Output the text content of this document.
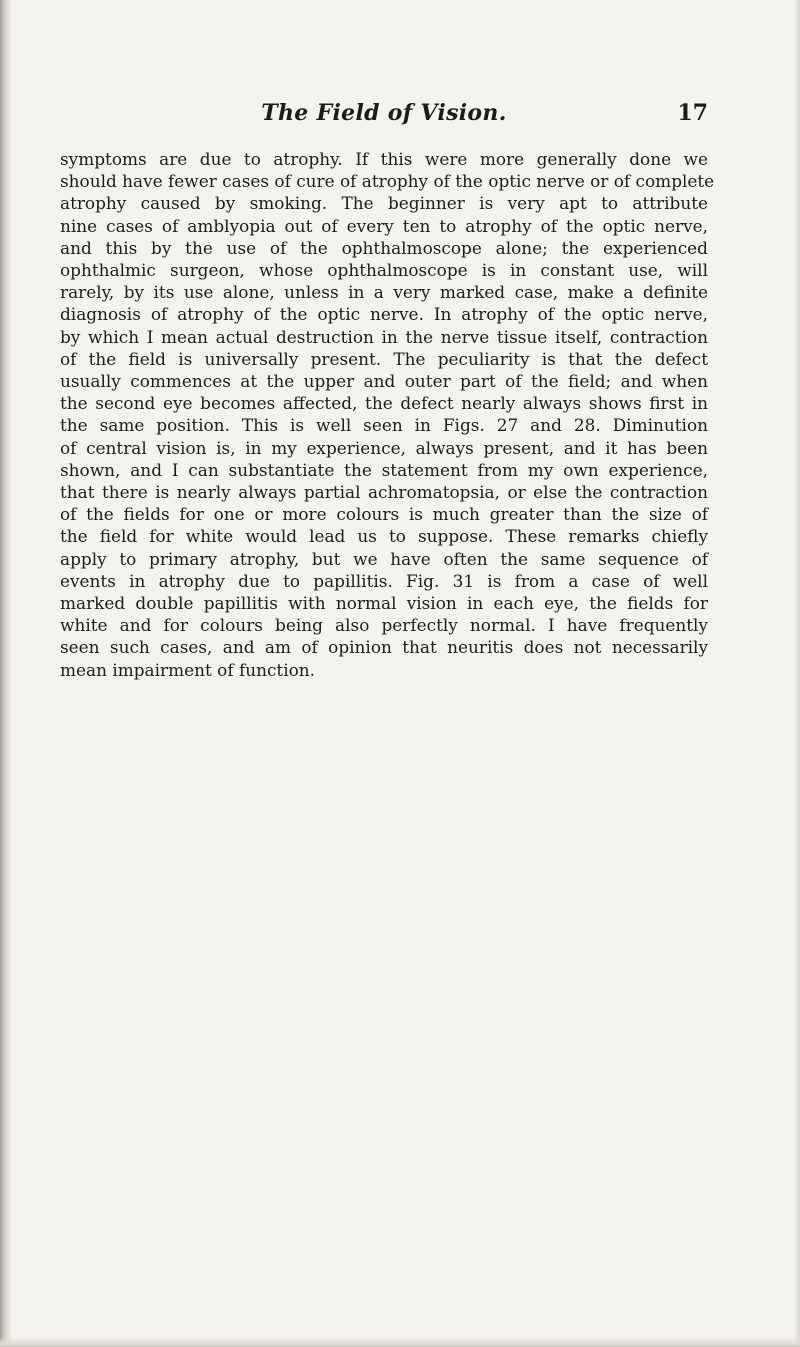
The Field of Vision.	17

symptoms are due to atrophy. If this were more generally done we
should have fewer cases of cure of atrophy of the optic nerve or of complete
atrophy caused by smoking. The beginner is very apt to attribute
nine cases of amblyopia out of every ten to atrophy of the optic nerve,
and this by the use of the ophthalmoscope alone; the experienced
ophthalmic surgeon, whose ophthalmoscope is in constant use, will
rarely, by its use alone, unless in a very marked case, make a definite
diagnosis of atrophy of the optic nerve. In atrophy of the optic nerve,
by which I mean actual destruction in the nerve tissue itself, contraction
of the field is universally present. The peculiarity is that the defect
usually commences at the upper and outer part of the field; and when
the second eye becomes affected, the defect nearly always shows first in
the same position. This is well seen in Figs. 27 and 28. Diminution
of central vision is, in my experience, always present, and it has been
shown, and I can substantiate the statement from my own experience,
that there is nearly always partial achromatopsia, or else the contraction
of the fields for one or more colours is much greater than the size of
the field for white would lead us to suppose. These remarks chiefly
apply to primary atrophy, but we have often the same sequence of
events in atrophy due to papillitis. Fig. 31 is from a case of well
marked double papillitis with normal vision in each eye, the fields for
white and for colours being also perfectly normal. I have frequently
seen such cases, and am of opinion that neuritis does not necessarily
mean impairment of function.
